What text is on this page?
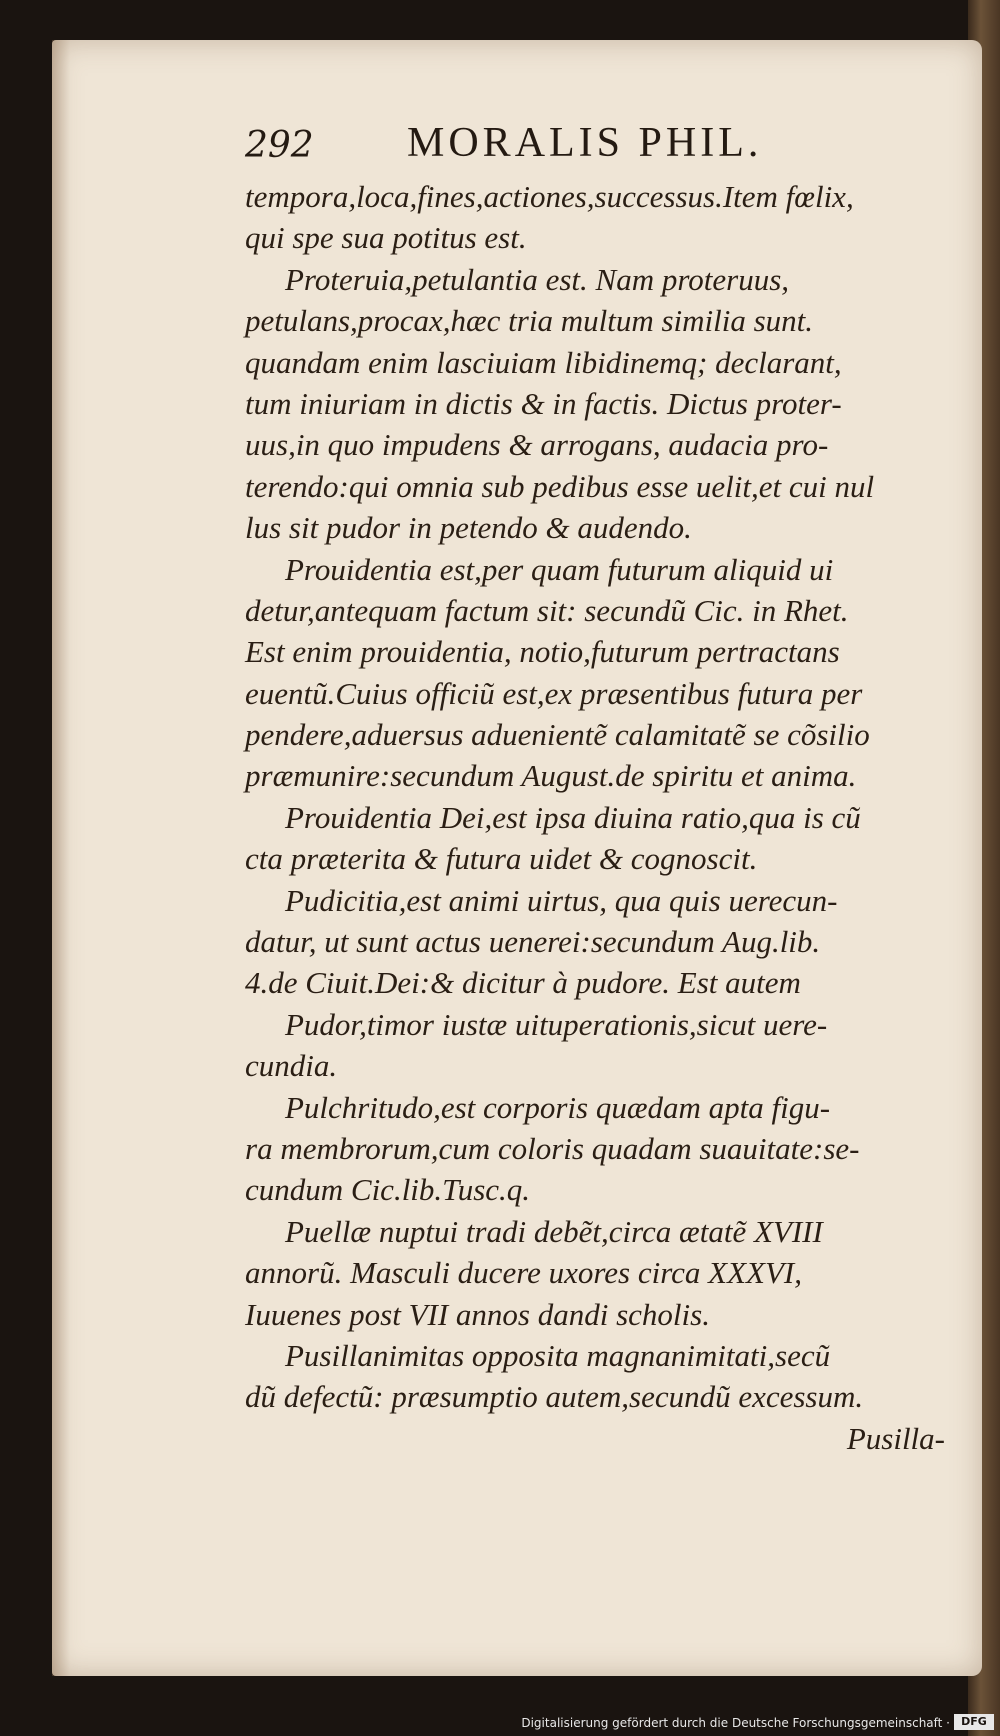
292 MORALIS PHIL.
tempora,loca,fines,actiones,successus.Item fœlix,
qui spe sua potitus est.
Proteruia,petulantia est. Nam proteruus,
petulans,procax,hæc tria multum similia sunt.
quandam enim lasciuiam libidinemq; declarant,
tum iniuriam in dictis & in factis. Dictus proter-
uus,in quo impudens & arrogans, audacia pro-
terendo:qui omnia sub pedibus esse uelit,et cui nul
lus sit pudor in petendo & audendo.
Prouidentia est,per quam futurum aliquid ui
detur,antequam factum sit: secundũ Cic. in Rhet.
Est enim prouidentia, notio,futurum pertractans
euentũ.Cuius officiũ est,ex præsentibus futura per
pendere,aduersus aduenientẽ calamitatẽ se cõsilio
præmunire:secundum August.de spiritu et anima.
Prouidentia Dei,est ipsa diuina ratio,qua is cũ
cta præterita & futura uidet & cognoscit.
Pudicitia,est animi uirtus, qua quis uerecun-
datur, ut sunt actus uenerei:secundum Aug.lib.
4.de Ciuit.Dei:& dicitur à pudore. Est autem
Pudor,timor iustæ uituperationis,sicut uere-
cundia.
Pulchritudo,est corporis quædam apta figu-
ra membrorum,cum coloris quadam suauitate:se-
cundum Cic.lib.Tusc.q.
Puellæ nuptui tradi debẽt,circa ætatẽ XVIII
annorũ. Masculi ducere uxores circa XXXVI,
Iuuenes post VII annos dandi scholis.
Pusillanimitas opposita magnanimitati,secũ
dũ defectũ: præsumptio autem,secundũ excessum.
Pusilla-
Digitalisierung gefördert durch die Deutsche Forschungsgemeinschaft ·	DFG
